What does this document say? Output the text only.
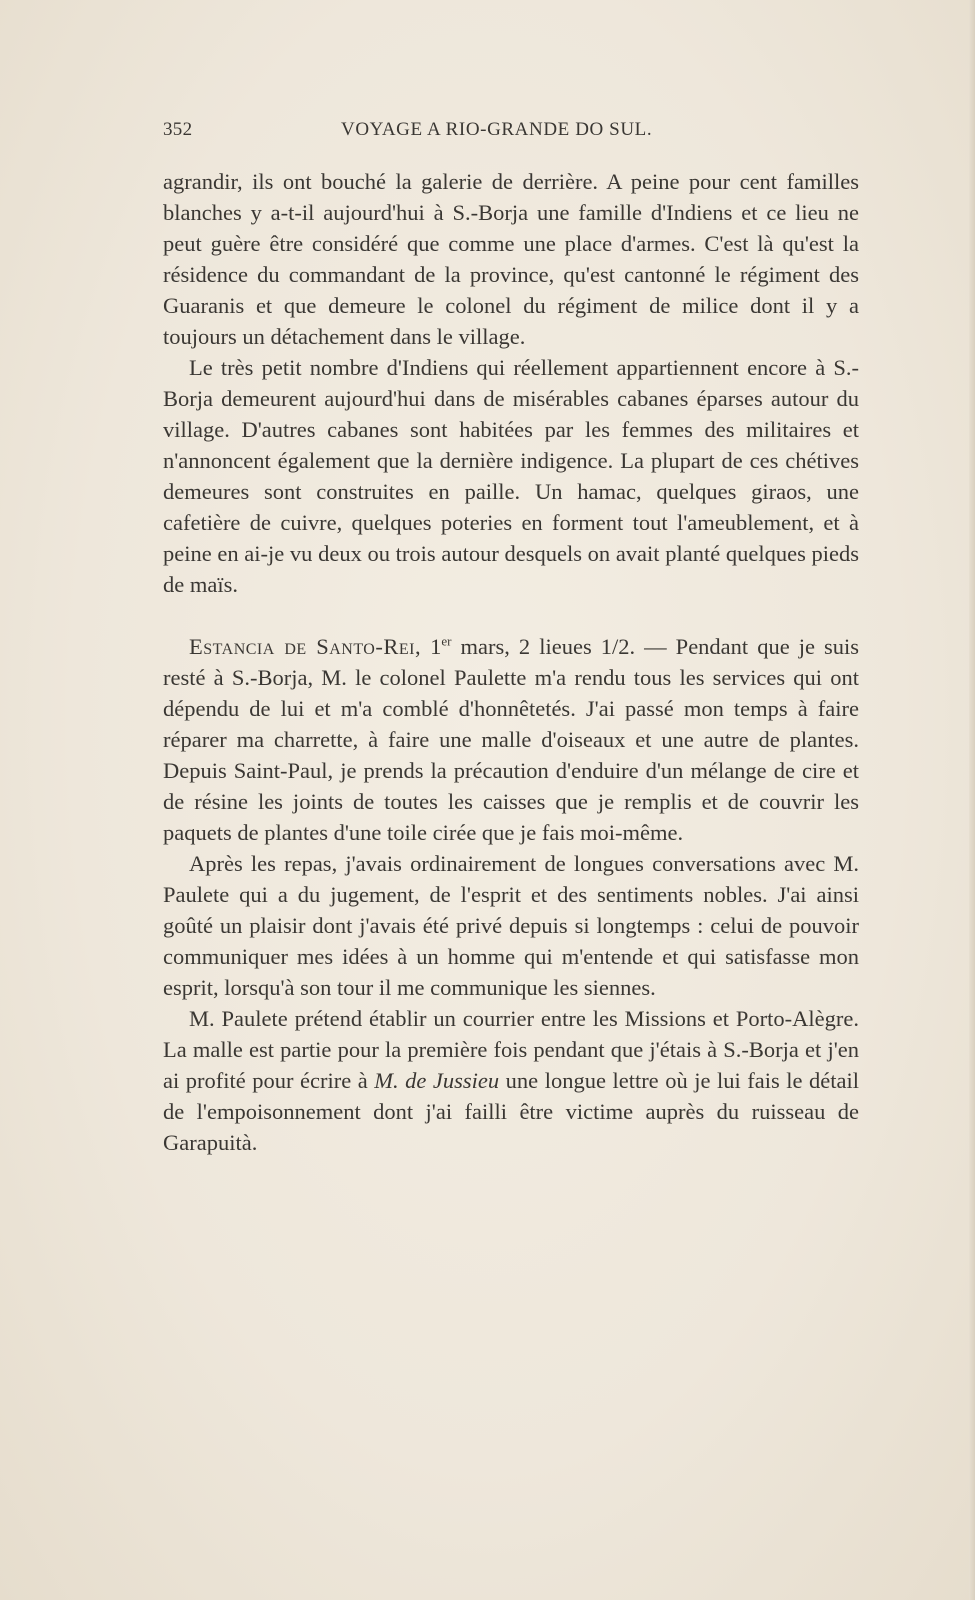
352	VOYAGE A RIO-GRANDE DO SUL.

agrandir, ils ont bouché la galerie de derrière. A peine pour cent familles blanches y a-t-il aujourd'hui à S.-Borja une famille d'Indiens et ce lieu ne peut guère être considéré que comme une place d'armes. C'est là qu'est la résidence du commandant de la province, qu'est cantonné le régiment des Guaranis et que demeure le colonel du régiment de milice dont il y a toujours un détachement dans le village.

Le très petit nombre d'Indiens qui réellement appartiennent encore à S.-Borja demeurent aujourd'hui dans de misérables cabanes éparses autour du village. D'autres cabanes sont habitées par les femmes des militaires et n'annoncent également que la dernière indigence. La plupart de ces chétives demeures sont construites en paille. Un hamac, quelques giraos, une cafetière de cuivre, quelques poteries en forment tout l'ameublement, et à peine en ai-je vu deux ou trois autour desquels on avait planté quelques pieds de maïs.

Estancia de Santo-Rei, 1er mars, 2 lieues 1/2. — Pendant que je suis resté à S.-Borja, M. le colonel Paulette m'a rendu tous les services qui ont dépendu de lui et m'a comblé d'honnêtetés. J'ai passé mon temps à faire réparer ma charrette, à faire une malle d'oiseaux et une autre de plantes. Depuis Saint-Paul, je prends la précaution d'enduire d'un mélange de cire et de résine les joints de toutes les caisses que je remplis et de couvrir les paquets de plantes d'une toile cirée que je fais moi-même.

Après les repas, j'avais ordinairement de longues conversations avec M. Paulete qui a du jugement, de l'esprit et des sentiments nobles. J'ai ainsi goûté un plaisir dont j'avais été privé depuis si longtemps : celui de pouvoir communiquer mes idées à un homme qui m'entende et qui satisfasse mon esprit, lorsqu'à son tour il me communique les siennes.

M. Paulete prétend établir un courrier entre les Missions et Porto-Alègre. La malle est partie pour la première fois pendant que j'étais à S.-Borja et j'en ai profité pour écrire à M. de Jussieu une longue lettre où je lui fais le détail de l'empoisonnement dont j'ai failli être victime auprès du ruisseau de Garapuità.
